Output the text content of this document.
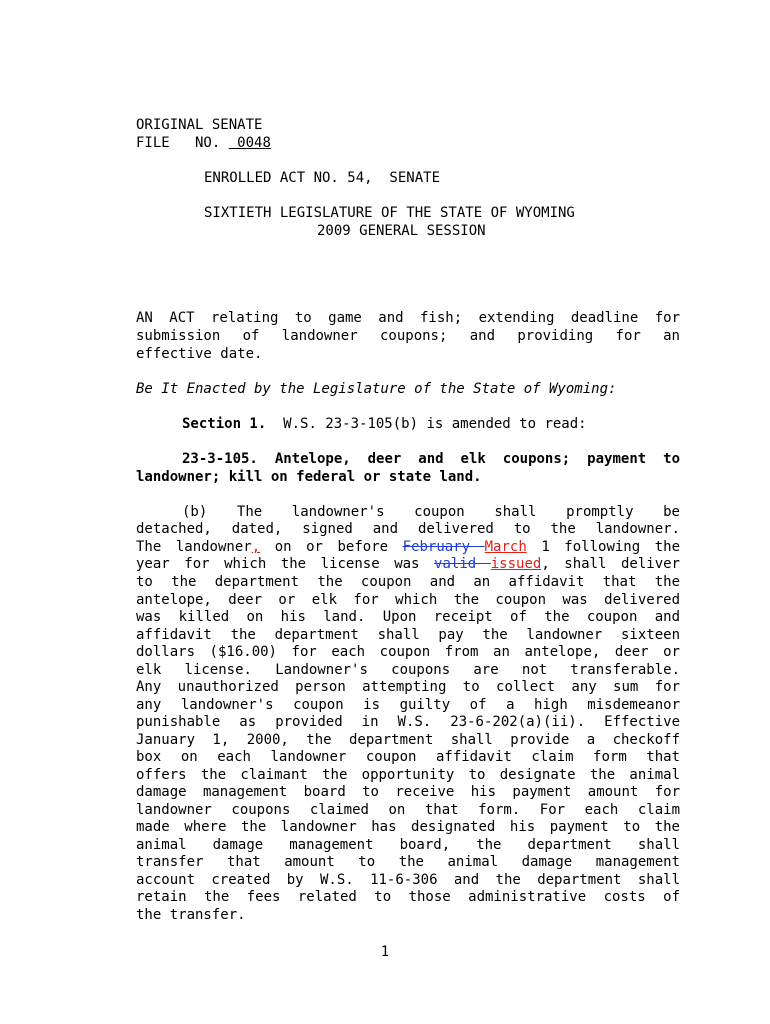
ORIGINAL SENATE
FILE   NO.  0048
ENROLLED ACT NO. 54,  SENATE
SIXTIETH LEGISLATURE OF THE STATE OF WYOMING
2009 GENERAL SESSION
AN ACT relating to game and fish; extending deadline for
submission of landowner coupons; and providing for an
effective date.
Be It Enacted by the Legislature of the State of Wyoming:
Section 1.  W.S. 23-3-105(b) is amended to read:
23-3-105. Antelope, deer and elk coupons; payment to
landowner; kill on federal or state land.
(b) The landowner's coupon shall promptly be
detached, dated, signed and delivered to the landowner.
The landowner, on or before February March 1 following the
year for which the license was valid issued, shall deliver
to the department the coupon and an affidavit that the
antelope, deer or elk for which the coupon was delivered
was killed on his land. Upon receipt of the coupon and
affidavit the department shall pay the landowner sixteen
dollars ($16.00) for each coupon from an antelope, deer or
elk license. Landowner's coupons are not transferable.
Any unauthorized person attempting to collect any sum for
any landowner's coupon is guilty of a high misdemeanor
punishable as provided in W.S. 23-6-202(a)(ii). Effective
January 1, 2000, the department shall provide a checkoff
box on each landowner coupon affidavit claim form that
offers the claimant the opportunity to designate the animal
damage management board to receive his payment amount for
landowner coupons claimed on that form. For each claim
made where the landowner has designated his payment to the
animal damage management board, the department shall
transfer that amount to the animal damage management
account created by W.S. 11-6-306 and the department shall
retain the fees related to those administrative costs of
the transfer.
1
